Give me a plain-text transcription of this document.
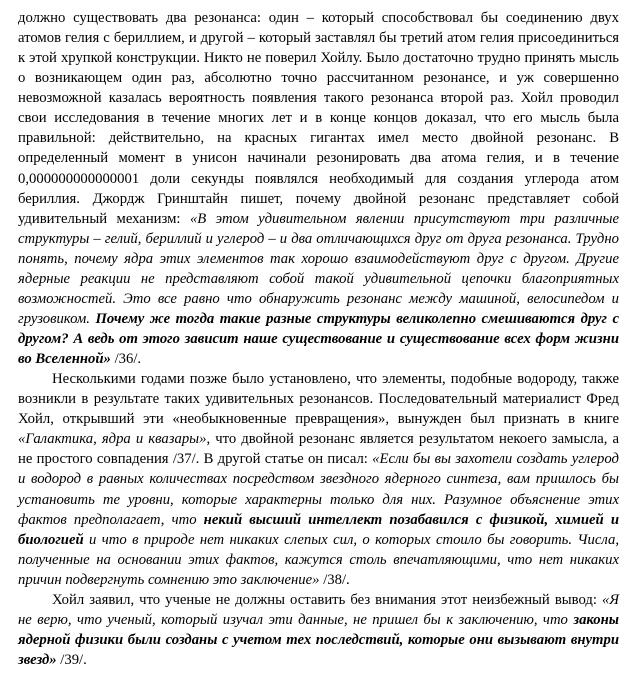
должно существовать два резонанса: один – который способствовал бы соединению двух атомов гелия с бериллием, и другой – который заставлял бы третий атом гелия присоединиться к этой хрупкой конструкции. Никто не поверил Хойлу. Было достаточно трудно принять мысль о возникающем один раз, абсолютно точно рассчитанном резонансе, и уж совершенно невозможной казалась вероятность появления такого резонанса второй раз. Хойл проводил свои исследования в течение многих лет и в конце концов доказал, что его мысль была правильной: действительно, на красных гигантах имел место двойной резонанс. В определенный момент в унисон начинали резонировать два атома гелия, и в течение 0,000000000000001 доли секунды появлялся необходимый для создания углерода атом бериллия. Джордж Гринштайн пишет, почему двойной резонанс представляет собой удивительный механизм: «В этом удивительном явлении присутствуют три различные структуры – гелий, бериллий и углерод – и два отличающихся друг от друга резонанса. Трудно понять, почему ядра этих элементов так хорошо взаимодействуют друг с другом. Другие ядерные реакции не представляют собой такой удивительной цепочки благоприятных возможностей. Это все равно что обнаружить резонанс между машиной, велосипедом и грузовиком. Почему же тогда такие разные структуры великолепно смешиваются друг с другом? А ведь от этого зависит наше существование и существование всех форм жизни во Вселенной» /36/.

Несколькими годами позже было установлено, что элементы, подобные водороду, также возникли в результате таких удивительных резонансов. Последовательный материалист Фред Хойл, открывший эти «необыкновенные превращения», вынужден был признать в книге «Галактика, ядра и квазары», что двойной резонанс является результатом некоего замысла, а не простого совпадения /37/. В другой статье он писал: «Если бы вы захотели создать углерод и водород в равных количествах посредством звездного ядерного синтеза, вам пришлось бы установить те уровни, которые характерны только для них. Разумное объяснение этих фактов предполагает, что некий высший интеллект позабавился с физикой, химией и биологией и что в природе нет никаких слепых сил, о которых стоило бы говорить. Числа, полученные на основании этих фактов, кажутся столь впечатляющими, что нет никаких причин подвергнуть сомнению это заключение» /38/.

Хойл заявил, что ученые не должны оставить без внимания этот неизбежный вывод: «Я не верю, что ученый, который изучал эти данные, не пришел бы к заключению, что законы ядерной физики были созданы с учетом тех последствий, которые они вызывают внутри звезд» /39/.
